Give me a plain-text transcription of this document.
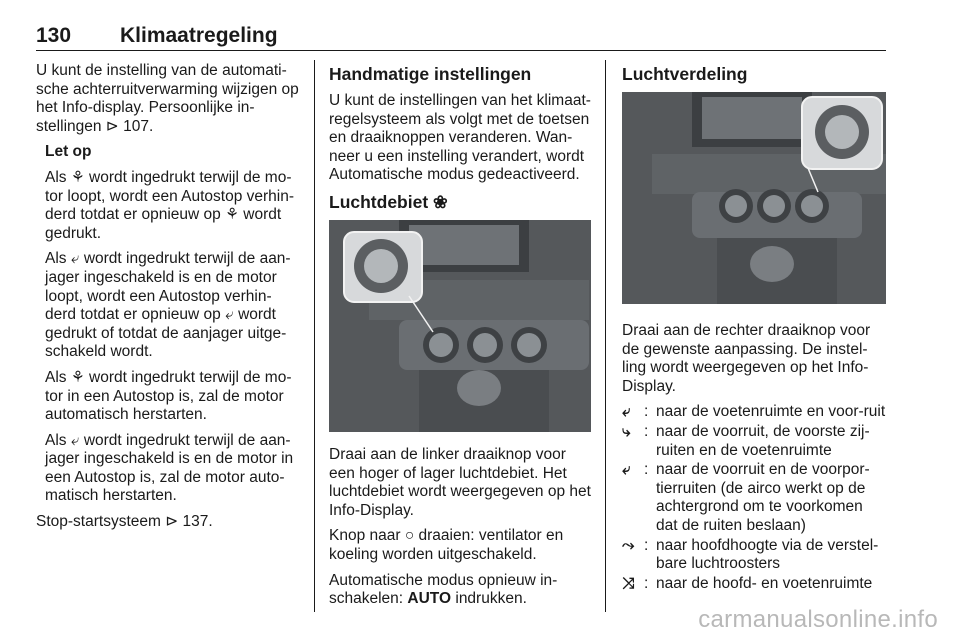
130 Klimaatregeling

U kunt de instelling van de automati-sche achterruitverwarming wijzigen op het Info-display. Persoonlijke in-stellingen ⊳ 107.

Let op

Als ⚘ wordt ingedrukt terwijl de mo-tor loopt, wordt een Autostop verhin-derd totdat er opnieuw op ⚘ wordt gedrukt.

Als ⤶ wordt ingedrukt terwijl de aan-jager ingeschakeld is en de motor loopt, wordt een Autostop verhin-derd totdat er opnieuw op ⤶ wordt gedrukt of totdat de aanjager uitge-schakeld wordt.

Als ⚘ wordt ingedrukt terwijl de mo-tor in een Autostop is, zal de motor automatisch herstarten.

Als ⤶ wordt ingedrukt terwijl de aan-jager ingeschakeld is en de motor in een Autostop is, zal de motor auto-matisch herstarten.

Stop-startsysteem ⊳ 137.

Handmatige instellingen

U kunt de instellingen van het klimaat-regelsysteem als volgt met de toetsen en draaiknoppen veranderen. Wan-neer u een instelling verandert, wordt Automatische modus gedeactiveerd.

Luchtdebiet ❀

Draai aan de linker draaiknop voor een hoger of lager luchtdebiet. Het luchtdebiet wordt weergegeven op het Info-Display.

Knop naar ○ draaien: ventilator en koeling worden uitgeschakeld.

Automatische modus opnieuw in-schakelen: AUTO indrukken.

Luchtverdeling

Draai aan de rechter draaiknop voor de gewenste aanpassing. De instel-ling wordt weergegeven op het Info-Display.

⤶ : naar de voetenruimte en voor-ruit
⤷ : naar de voorruit, de voorste zij-ruiten en de voetenruimte
⤶ : naar de voorruit en de voorpor-tierruiten (de airco werkt op de achtergrond om te voorkomen dat de ruiten beslaan)
⤳ : naar hoofdhoogte via de verstel-bare luchtroosters
⤨ : naar de hoofd- en voetenruimte
carmanualsonline.info
